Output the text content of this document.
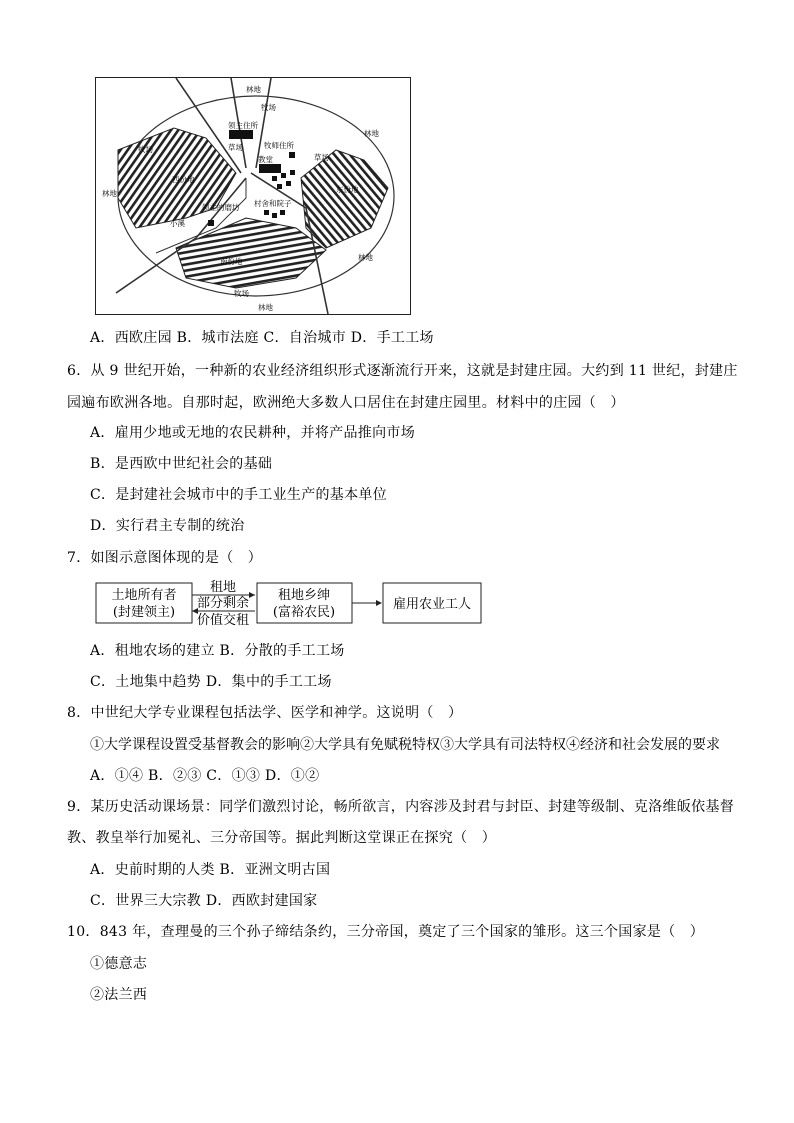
林地
牧场
领主住所
牧师住所
教堂
牧场	草场
草场
林地
林地
西份地
东份地
领主的磨坊 村舍和院子
小溪
南份地	林地
牧场
林地
A．西欧庄园 B．城市法庭 C．自治城市 D．手工工场
6．从 9 世纪开始，一种新的农业经济组织形式逐渐流行开来，这就是封建庄园。大约到 11 世纪，封建庄
园遍布欧洲各地。自那时起，欧洲绝大多数人口居住在封建庄园里。材料中的庄园（　）
A．雇用少地或无地的农民耕种，并将产品推向市场
B．是西欧中世纪社会的基础
C．是封建社会城市中的手工业生产的基本单位
D．实行君主专制的统治
7．如图示意图体现的是（　）
土地所有者
(封建领主)
租地
部分剩余
价值交租
租地乡绅
(富裕农民)
雇用农业工人
A．租地农场的建立 B．分散的手工工场
C．土地集中趋势 D．集中的手工工场
8．中世纪大学专业课程包括法学、医学和神学。这说明（　）
①大学课程设置受基督教会的影响②大学具有免赋税特权③大学具有司法特权④经济和社会发展的要求
A．①④ B．②③ C．①③ D．①②
9．某历史活动课场景：同学们激烈讨论，畅所欲言，内容涉及封君与封臣、封建等级制、克洛维皈依基督
教、教皇举行加冕礼、三分帝国等。据此判断这堂课正在探究（　）
A．史前时期的人类 B．亚洲文明古国
C．世界三大宗教 D．西欧封建国家
10．843 年，查理曼的三个孙子缔结条约，三分帝国，奠定了三个国家的雏形。这三个国家是（　）
①德意志
②法兰西
